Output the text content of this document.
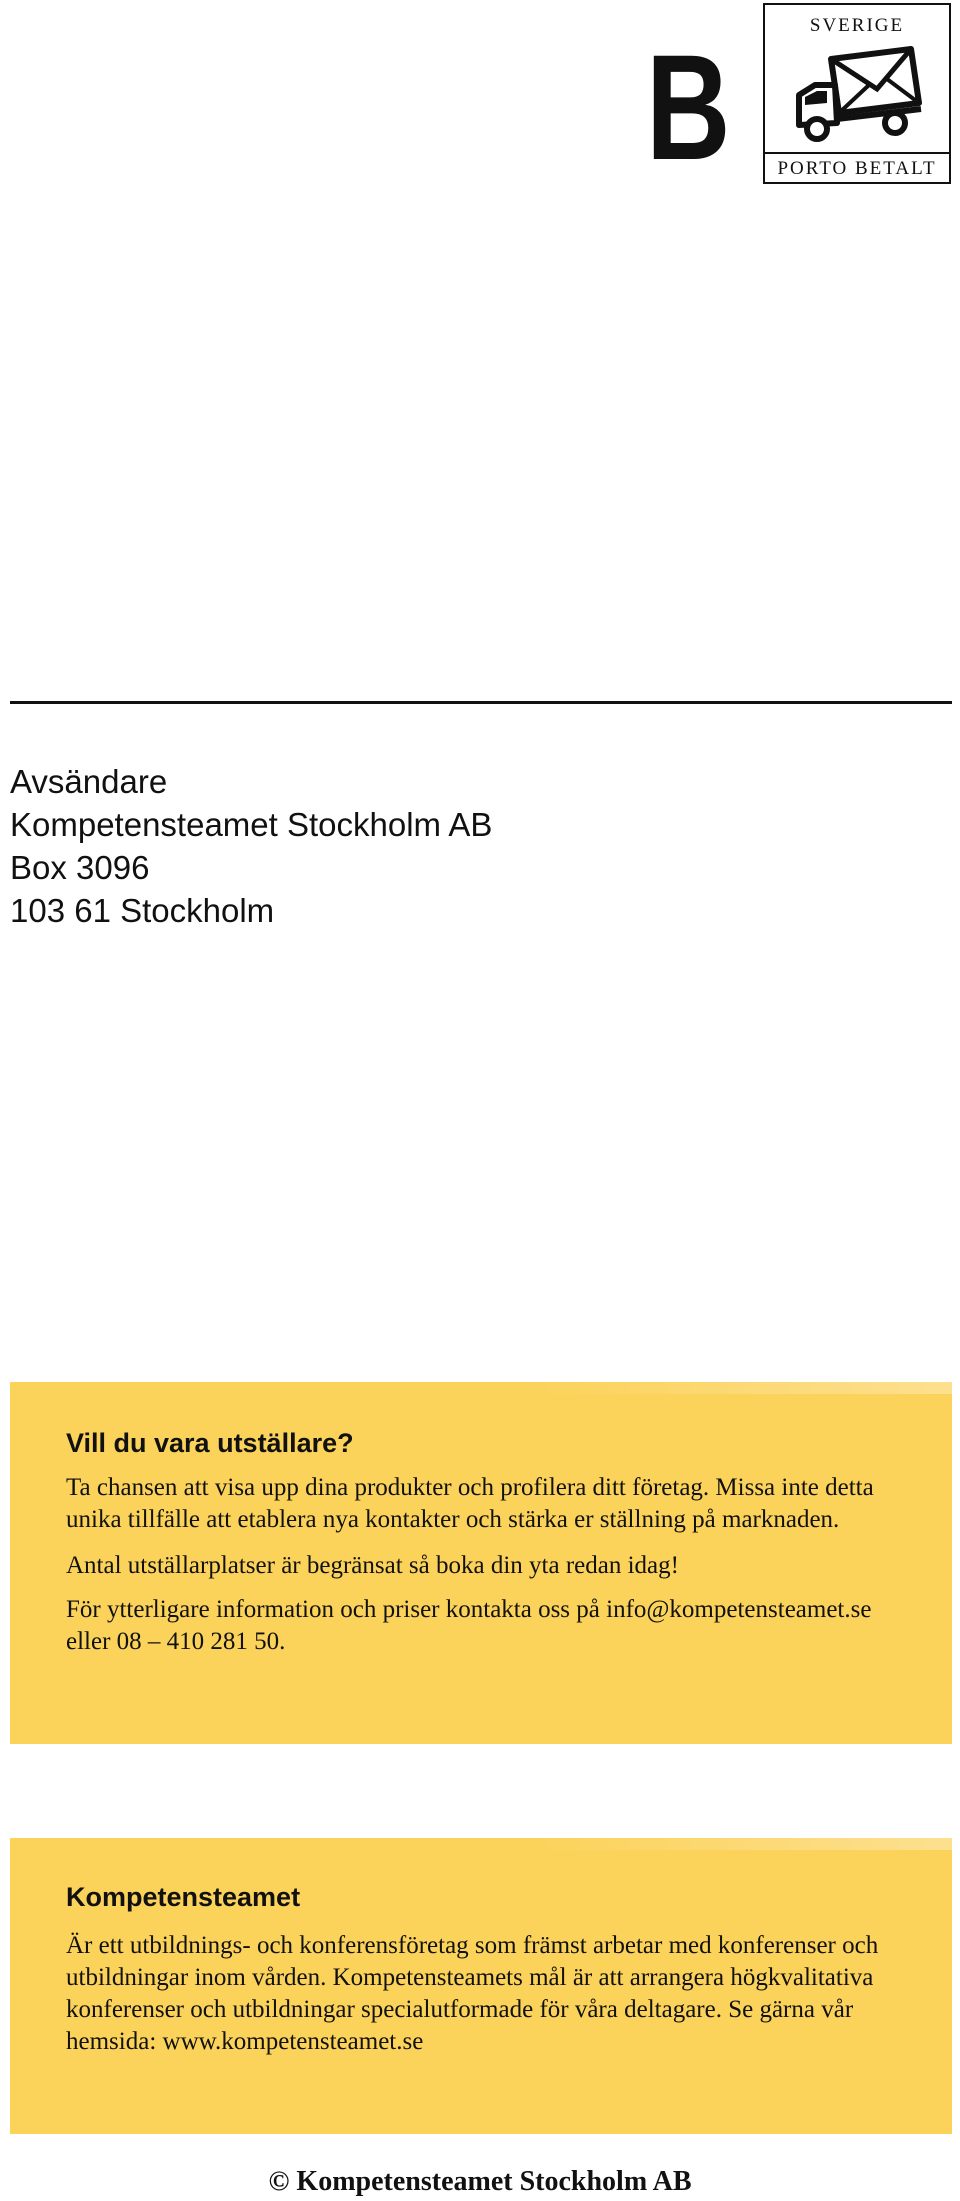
B	SVERIGE
PORTO BETALT
Avsändare
Kompetensteamet Stockholm AB
Box 3096
103 61 Stockholm
Vill du vara utställare?

Ta chansen att visa upp dina produkter och profilera ditt företag. Missa inte detta unika tillfälle att etablera nya kontakter och stärka er ställning på marknaden.

Antal utställarplatser är begränsat så boka din yta redan idag!

För ytterligare information och priser kontakta oss på info@kompetensteamet.se eller 08 – 410 281 50.

Kompetensteamet

Är ett utbildnings- och konferensföretag som främst arbetar med konferenser och utbildningar inom vården. Kompetensteamets mål är att arrangera högkvalitativa konferenser och utbildningar specialutformade för våra deltagare. Se gärna vår hemsida: www.kompetensteamet.se

© Kompetensteamet Stockholm AB
